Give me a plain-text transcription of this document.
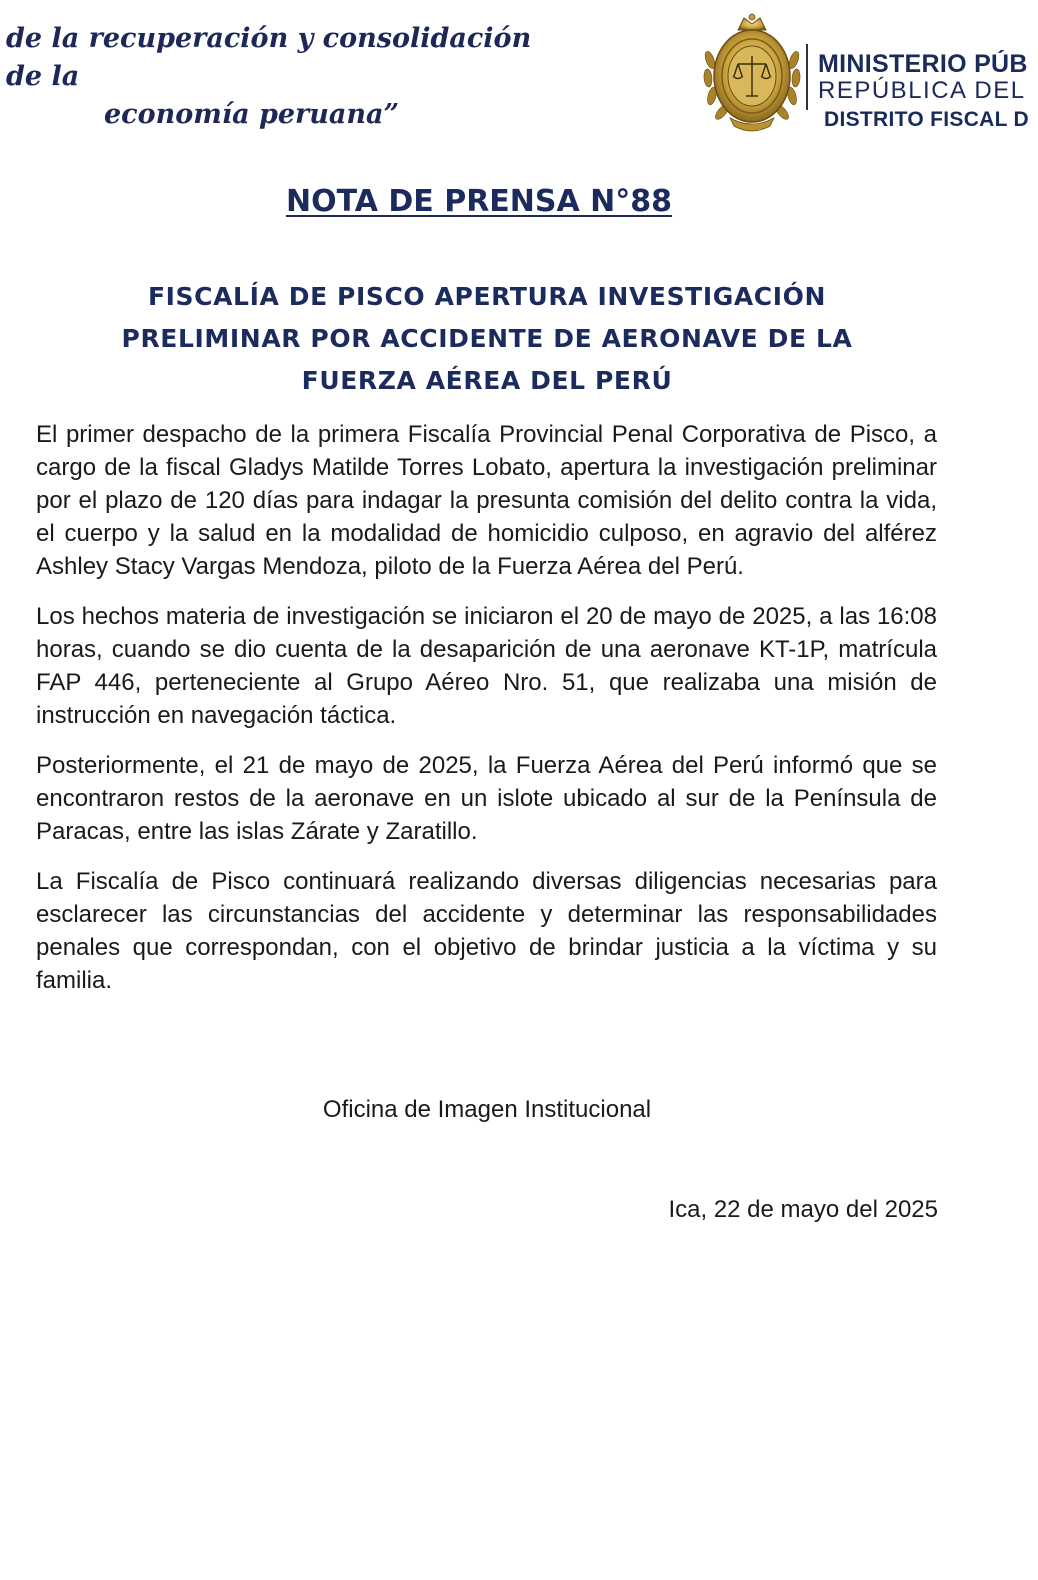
de la recuperación y consolidación de la
economía peruana”
MINISTERIO PÚB
REPÚBLICA DEL
DISTRITO FISCAL D
NOTA DE PRENSA N°88
FISCALÍA DE PISCO APERTURA INVESTIGACIÓN
PRELIMINAR POR ACCIDENTE DE AERONAVE DE LA
FUERZA AÉREA DEL PERÚ

El primer despacho de la primera Fiscalía Provincial Penal Corporativa de Pisco, a cargo de la fiscal Gladys Matilde Torres Lobato, apertura la investigación preliminar por el plazo de 120 días para indagar la presunta comisión del delito contra la vida, el cuerpo y la salud en la modalidad de homicidio culposo, en agravio del alférez Ashley Stacy Vargas Mendoza, piloto de la Fuerza Aérea del Perú.

Los hechos materia de investigación se iniciaron el 20 de mayo de 2025, a las 16:08 horas, cuando se dio cuenta de la desaparición de una aeronave KT-1P, matrícula FAP 446, perteneciente al Grupo Aéreo Nro. 51, que realizaba una misión de instrucción en navegación táctica.

Posteriormente, el 21 de mayo de 2025, la Fuerza Aérea del Perú informó que se encontraron restos de la aeronave en un islote ubicado al sur de la Península de Paracas, entre las islas Zárate y Zaratillo.

La Fiscalía de Pisco continuará realizando diversas diligencias necesarias para esclarecer las circunstancias del accidente y determinar las responsabilidades penales que correspondan, con el objetivo de brindar justicia a la víctima y su familia.

Oficina de Imagen Institucional
Ica, 22 de mayo del 2025
